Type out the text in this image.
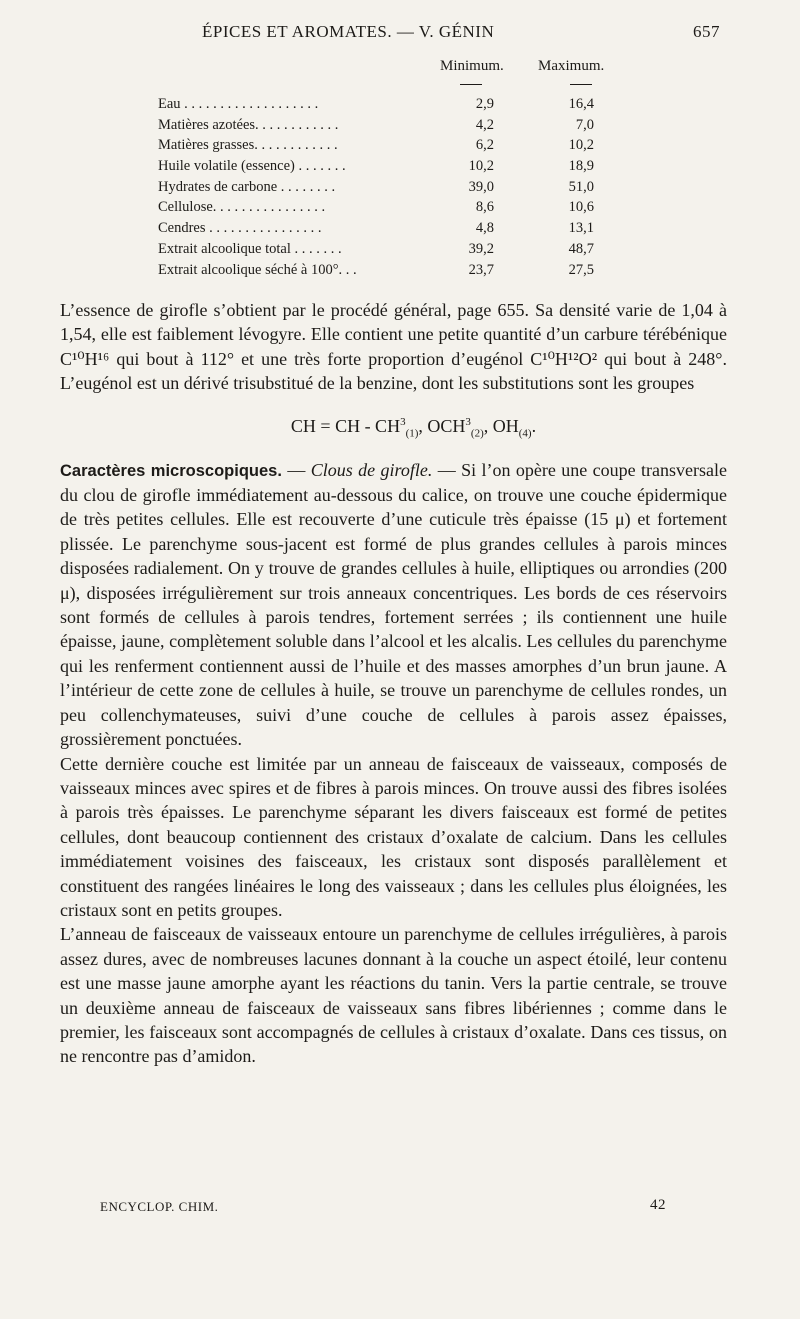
ÉPICES ET AROMATES. — V. GÉNIN	657
Minimum. Maximum.
Eau . . . . . . . . . . . . . . . . . . .	2,9	16,4
Matières azotées. . . . . . . . . . . .	4,2	7,0
Matières grasses. . . . . . . . . . . .	6,2	10,2
Huile volatile (essence) . . . . . . .	10,2	18,9
Hydrates de carbone . . . . . . . .	39,0	51,0
Cellulose. . . . . . . . . . . . . . . .	8,6	10,6
Cendres . . . . . . . . . . . . . . . .	4,8	13,1
Extrait alcoolique total . . . . . . .	39,2	48,7
Extrait alcoolique séché à 100°. . .	23,7	27,5

L’essence de girofle s’obtient par le procédé général, page 655. Sa densité varie de 1,04 à 1,54, elle est faiblement lévogyre. Elle contient une petite quantité d’un carbure térébénique C¹⁰H¹⁶ qui bout à 112° et une très forte proportion d’eugénol C¹⁰H¹²O² qui bout à 248°. L’eugénol est un dérivé trisubstitué de la benzine, dont les substitutions sont les groupes

CH = CH - $CH^3_{(1)}$, $OCH^3_{(2)}$, $OH_{(4)}$.

Caractères microscopiques. — Clous de girofle. — Si l’on opère une coupe transversale du clou de girofle immédiatement au-dessous du calice, on trouve une couche épidermique de très petites cellules. Elle est recouverte d’une cuticule très épaisse (15 μ) et fortement plissée. Le parenchyme sous-jacent est formé de plus grandes cellules à parois minces disposées radialement. On y trouve de grandes cellules à huile, elliptiques ou arrondies (200 μ), disposées irrégulièrement sur trois anneaux concentriques. Les bords de ces réservoirs sont formés de cellules à parois tendres, fortement serrées ; ils contiennent une huile épaisse, jaune, complètement soluble dans l’alcool et les alcalis. Les cellules du parenchyme qui les renferment contiennent aussi de l’huile et des masses amorphes d’un brun jaune. A l’intérieur de cette zone de cellules à huile, se trouve un parenchyme de cellules rondes, un peu collenchymateuses, suivi d’une couche de cellules à parois assez épaisses, grossièrement ponctuées.

Cette dernière couche est limitée par un anneau de faisceaux de vaisseaux, composés de vaisseaux minces avec spires et de fibres à parois minces. On trouve aussi des fibres isolées à parois très épaisses. Le parenchyme séparant les divers faisceaux est formé de petites cellules, dont beaucoup contiennent des cristaux d’oxalate de calcium. Dans les cellules immédiatement voisines des faisceaux, les cristaux sont disposés parallèlement et constituent des rangées linéaires le long des vaisseaux ; dans les cellules plus éloignées, les cristaux sont en petits groupes.

L’anneau de faisceaux de vaisseaux entoure un parenchyme de cellules irrégulières, à parois assez dures, avec de nombreuses lacunes donnant à la couche un aspect étoilé, leur contenu est une masse jaune amorphe ayant les réactions du tanin. Vers la partie centrale, se trouve un deuxième anneau de faisceaux de vaisseaux sans fibres libériennes ; comme dans le premier, les faisceaux sont accompagnés de cellules à cristaux d’oxalate. Dans ces tissus, on ne rencontre pas d’amidon.

ENCYCLOP. CHIM.	42
